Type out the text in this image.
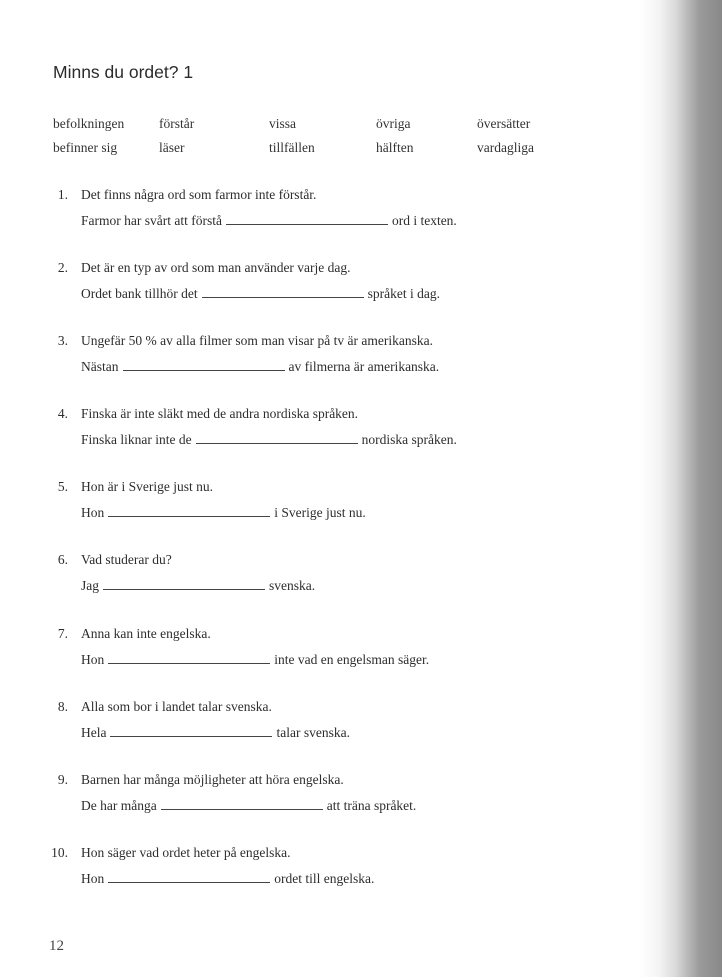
Minns du ordet? 1
befolkningen	förstår	vissa	övriga	översätter
befinner sig	läser	tillfällen	hälften	vardagliga
1. Det finns några ord som farmor inte förstår.
Farmor har svårt att förstå	ord i texten.
2. Det är en typ av ord som man använder varje dag.
Ordet bank tillhör det	språket i dag.
3. Ungefär 50 % av alla filmer som man visar på tv är amerikanska.
Nästan	av filmerna är amerikanska.
4. Finska är inte släkt med de andra nordiska språken.
Finska liknar inte de	nordiska språken.
5. Hon är i Sverige just nu.
Hon	i Sverige just nu.
6. Vad studerar du?
Jag	svenska.
7. Anna kan inte engelska.
Hon	inte vad en engelsman säger.
8. Alla som bor i landet talar svenska.
Hela	talar svenska.
9. Barnen har många möjligheter att höra engelska.
De har många	att träna språket.
10. Hon säger vad ordet heter på engelska.
Hon	ordet till engelska.

12
